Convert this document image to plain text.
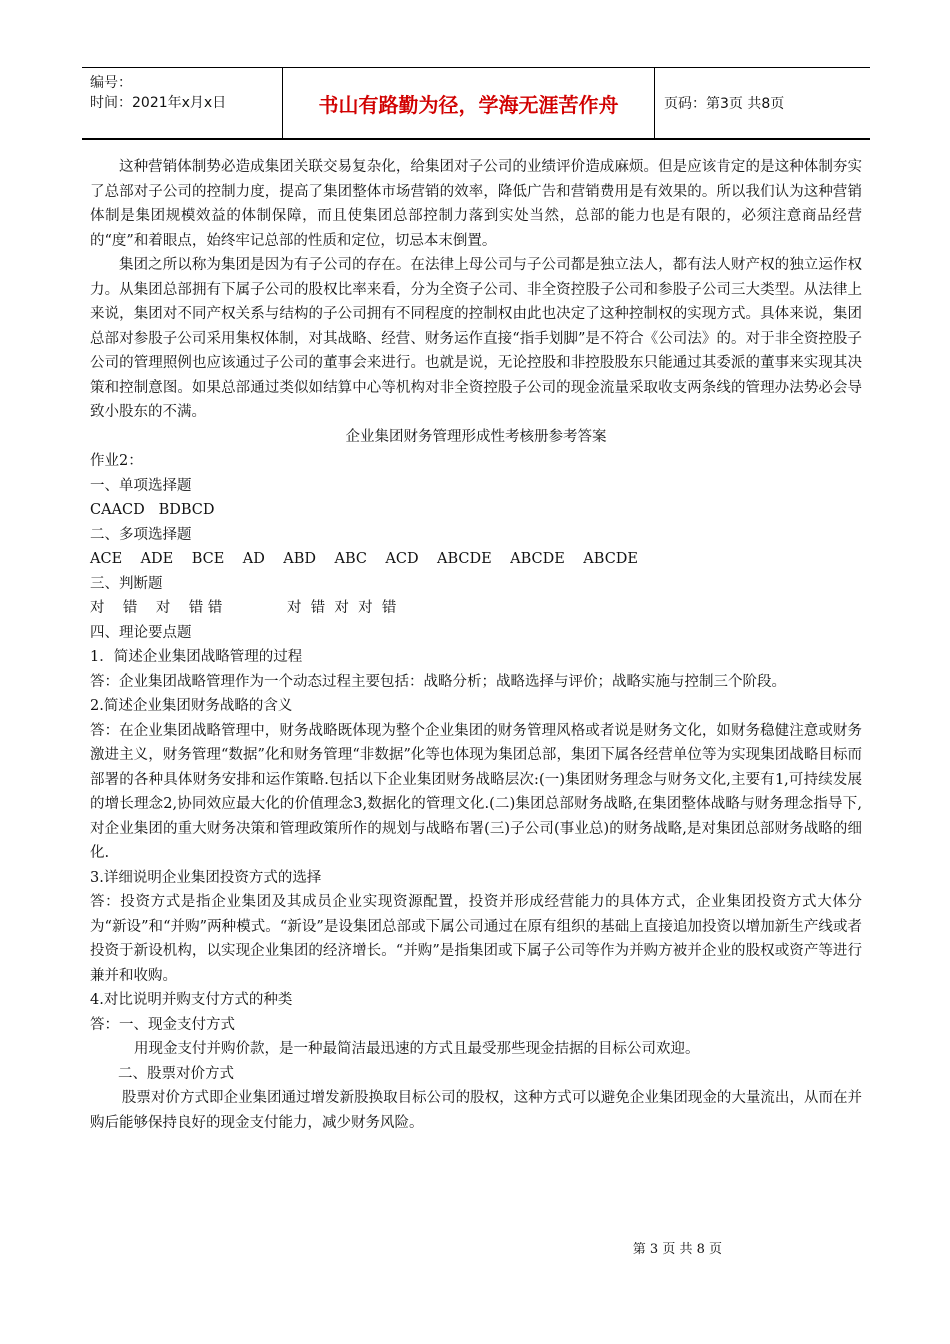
编号：
时间：2021年x月x日	书山有路勤为径，学海无涯苦作舟	页码：第3页 共8页

这种营销体制势必造成集团关联交易复杂化，给集团对子公司的业绩评价造成麻烦。但是应该肯定的是这种体制夯实了总部对子公司的控制力度，提高了集团整体市场营销的效率，降低广告和营销费用是有效果的。所以我们认为这种营销体制是集团规模效益的体制保障，而且使集团总部控制力落到实处当然，总部的能力也是有限的，必须注意商品经营的“度”和着眼点，始终牢记总部的性质和定位，切忌本末倒置。

集团之所以称为集团是因为有子公司的存在。在法律上母公司与子公司都是独立法人，都有法人财产权的独立运作权力。从集团总部拥有下属子公司的股权比率来看，分为全资子公司、非全资控股子公司和参股子公司三大类型。从法律上来说，集团对不同产权关系与结构的子公司拥有不同程度的控制权由此也决定了这种控制权的实现方式。具体来说，集团总部对参股子公司采用集权体制，对其战略、经营、财务运作直接“指手划脚”是不符合《公司法》的。对于非全资控股子公司的管理照例也应该通过子公司的董事会来进行。也就是说，无论控股和非控股股东只能通过其委派的董事来实现其决策和控制意图。如果总部通过类似如结算中心等机构对非全资控股子公司的现金流量采取收支两条线的管理办法势必会导致小股东的不满。

企业集团财务管理形成性考核册参考答案

作业2：

一、单项选择题

CAACD   BDBCD

二、多项选择题

ACE    ADE    BCE    AD    ABD    ABC    ACD    ABCDE    ABCDE    ABCDE

三、判断题

对    错    对    错 错              对  错  对  对  错

四、理论要点题

1．简述企业集团战略管理的过程

答：企业集团战略管理作为一个动态过程主要包括：战略分析；战略选择与评价；战略实施与控制三个阶段。

2.简述企业集团财务战略的含义

答：在企业集团战略管理中，财务战略既体现为整个企业集团的财务管理风格或者说是财务文化，如财务稳健注意或财务激进主义，财务管理“数据”化和财务管理“非数据”化等也体现为集团总部，集团下属各经营单位等为实现集团战略目标而部署的各种具体财务安排和运作策略.包括以下企业集团财务战略层次:(一)集团财务理念与财务文化,主要有1,可持续发展的增长理念2,协同效应最大化的价值理念3,数据化的管理文化.(二)集团总部财务战略,在集团整体战略与财务理念指导下,对企业集团的重大财务决策和管理政策所作的规划与战略布署(三)子公司(事业总)的财务战略,是对集团总部财务战略的细化.

3.详细说明企业集团投资方式的选择

答：投资方式是指企业集团及其成员企业实现资源配置，投资并形成经营能力的具体方式，企业集团投资方式大体分为“新设”和“并购”两种模式。“新设”是设集团总部或下属公司通过在原有组织的基础上直接追加投资以增加新生产线或者投资于新设机构，以实现企业集团的经济增长。“并购”是指集团或下属子公司等作为并购方被并企业的股权或资产等进行兼并和收购。

4.对比说明并购支付方式的种类

答：一、现金支付方式

用现金支付并购价款，是一种最简洁最迅速的方式且最受那些现金拮据的目标公司欢迎。

二、股票对价方式

股票对价方式即企业集团通过增发新股换取目标公司的股权，这种方式可以避免企业集团现金的大量流出，从而在并购后能够保持良好的现金支付能力，减少财务风险。

第 3 页 共 8 页
